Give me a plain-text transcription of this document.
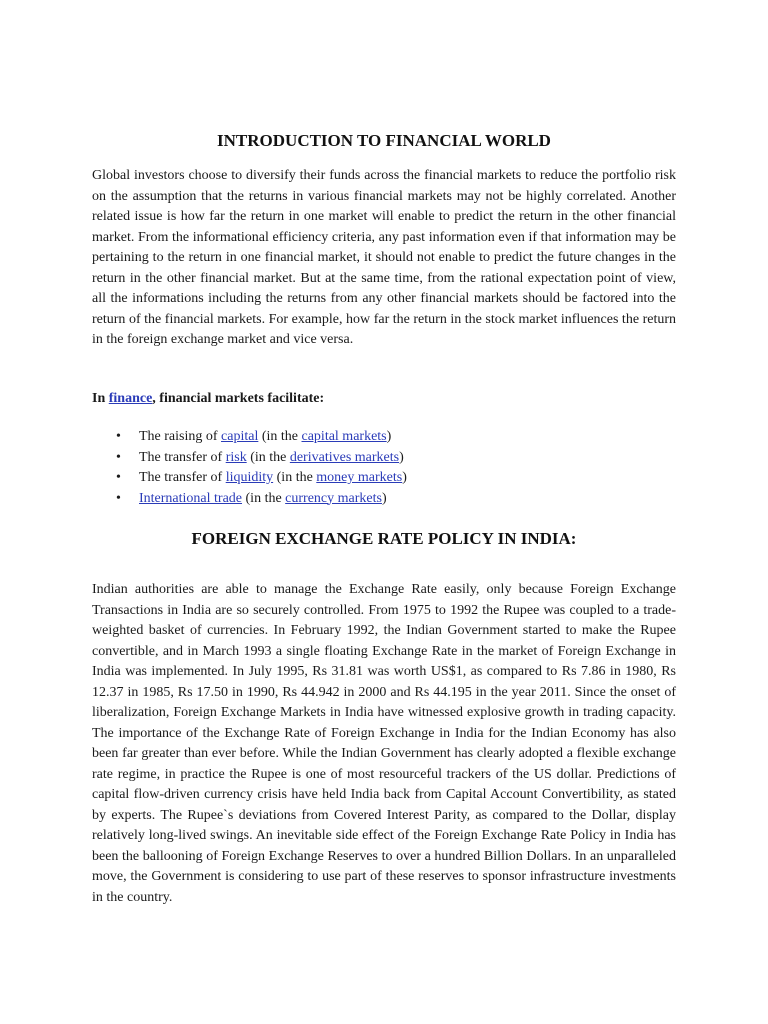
INTRODUCTION TO FINANCIAL WORLD

Global investors choose to diversify their funds across the financial markets to reduce the portfolio risk on the assumption that the returns in various financial markets may not be highly correlated. Another related issue is how far the return in one market will enable to predict the return in the other financial market. From the informational efficiency criteria, any past information even if that information may be pertaining to the return in one financial market, it should not enable to predict the future changes in the return in the other financial market. But at the same time, from the rational expectation point of view, all the informations including the returns from any other financial markets should be factored into the return of the financial markets. For example, how far the return in the stock market influences the return in the foreign exchange market and vice versa.

In finance, financial markets facilitate:

• The raising of capital (in the capital markets)
• The transfer of risk (in the derivatives markets)
• The transfer of liquidity (in the money markets)
• International trade (in the currency markets)
FOREIGN EXCHANGE RATE POLICY IN INDIA:

Indian authorities are able to manage the Exchange Rate easily, only because Foreign Exchange Transactions in India are so securely controlled. From 1975 to 1992 the Rupee was coupled to a trade-weighted basket of currencies. In February 1992, the Indian Government started to make the Rupee convertible, and in March 1993 a single floating Exchange Rate in the market of Foreign Exchange in India was implemented. In July 1995, Rs 31.81 was worth US$1, as compared to Rs 7.86 in 1980, Rs 12.37 in 1985, Rs 17.50 in 1990, Rs 44.942 in 2000 and Rs 44.195 in the year 2011. Since the onset of liberalization, Foreign Exchange Markets in India have witnessed explosive growth in trading capacity. The importance of the Exchange Rate of Foreign Exchange in India for the Indian Economy has also been far greater than ever before. While the Indian Government has clearly adopted a flexible exchange rate regime, in practice the Rupee is one of most resourceful trackers of the US dollar. Predictions of capital flow-driven currency crisis have held India back from Capital Account Convertibility, as stated by experts. The Rupee`s deviations from Covered Interest Parity, as compared to the Dollar, display relatively long-lived swings. An inevitable side effect of the Foreign Exchange Rate Policy in India has been the ballooning of Foreign Exchange Reserves to over a hundred Billion Dollars. In an unparalleled move, the Government is considering to use part of these reserves to sponsor infrastructure investments in the country.
